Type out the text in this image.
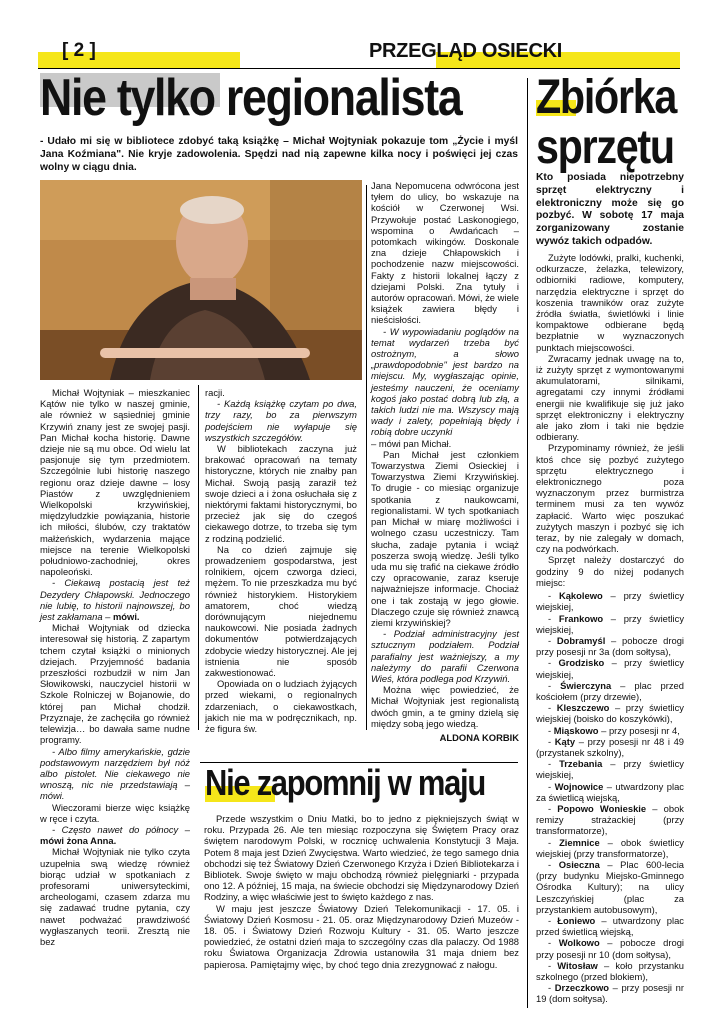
[ 2 ]	PRZEGLĄD OSIECKI
Nie tylko regionalista
- Udało mi się w bibliotece zdobyć taką książkę – Michał Wojtyniak pokazuje tom „Życie i myśl Jana Koźmiana". Nie kryje zadowolenia. Spędzi nad nią zapewne kilka nocy i poświęci jej czas wolny w ciągu dnia.

Michał Wojtyniak – mieszkaniec Kątów nie tylko w naszej gminie, ale również w sąsiedniej gminie Krzywiń znany jest ze swojej pasji. Pan Michał kocha historię. Dawne dzieje nie są mu obce. Od wielu lat pasjonuje się tym przedmiotem. Szczególnie lubi historię naszego regionu oraz dzieje dawne – losy Piastów z uwzględnieniem Wielkopolski krzywińskiej, międzyludzkie powiązania, historie ich miłości, ślubów, czy traktatów małżeńskich, wydarzenia mające miejsce na terenie Wielkopolski południowo-zachodniej, okres napoleoński.

- Ciekawą postacią jest też Dezydery Chłapowski. Jednoczego nie lubię, to historii najnowszej, bo jest zakłamana – mówi.

Michał Wojtyniak od dziecka interesował się historią. Z zapartym tchem czytał książki o minionych dziejach. Przyjemność badania przeszłości rozbudził w nim Jan Słowikowski, nauczyciel historii w Szkole Rolniczej w Bojanowie, do której pan Michał chodził. Przyznaje, że zachęciła go również telewizja… bo dawała same nudne programy.

- Albo filmy amerykańskie, gdzie podstawowym narzędziem był nóż albo pistolet. Nie ciekawego nie wnoszą, nic nie przedstawiają – mówi.

Wieczorami bierze więc książkę w ręce i czyta.

- Często nawet do północy – mówi żona Anna.

Michał Wojtyniak nie tylko czyta uzupełnia swą wiedzę również biorąc udział w spotkaniach z profesorami uniwersyteckimi, archeologami, czasem zdarza mu się zadawać trudne pytania, czy nawet podważać prawdziwość wygłaszanych teorii. Zresztą nie bez

racji.

- Każdą książkę czytam po dwa, trzy razy, bo za pierwszym podejściem nie wyłapuje się wszystkich szczegółów.

W bibliotekach zaczyna już brakować opracowań na tematy historyczne, których nie znałby pan Michał. Swoją pasją zaraził też swoje dzieci a i żona osłuchała się z niektórymi faktami historycznymi, bo przecież jak się do czegoś ciekawego dotrze, to trzeba się tym z rodziną podzielić.

Na co dzień zajmuje się prowadzeniem gospodarstwa, jest rolnikiem, ojcem czworga dzieci, mężem. To nie przeszkadza mu być również historykiem. Historykiem amatorem, choć wiedzą dorównującym niejednemu naukowcowi. Nie posiada żadnych dokumentów potwierdzających zdobycie wiedzy historycznej. Ale jej istnienia nie sposób zakwestionować.

Opowiada on o ludziach żyjących przed wiekami, o regionalnych zdarzeniach, o ciekawostkach, jakich nie ma w podręcznikach, np. że figura św.

Jana Nepomucena odwrócona jest tyłem do ulicy, bo wskazuje na kościół w Czerwonej Wsi. Przywołuje postać Laskonogiego, wspomina o Awdańcach – potomkach wikingów. Doskonale zna dzieje Chłapowskich i pochodzenie nazw miejscowości. Fakty z historii lokalnej łączy z dziejami Polski. Zna tytuły i autorów opracowań. Mówi, że wiele książek zawiera błędy i nieścisłości.

- W wypowiadaniu poglądów na temat wydarzeń trzeba być ostrożnym, a słowo „prawdopodobnie" jest bardzo na miejscu. My, wygłaszając opinie, jesteśmy nauczeni, że oceniamy kogoś jako postać dobrą lub złą, a takich ludzi nie ma. Wszyscy mają wady i zalety, popełniają błędy i robią dobre uczynki

– mówi pan Michał.

Pan Michał jest członkiem Towarzystwa Ziemi Osieckiej i Towarzystwa Ziemi Krzywińskiej. To drugie - co miesiąc organizuje spotkania z naukowcami, regionalistami. W tych spotkaniach pan Michał w miarę możliwości i wolnego czasu uczestniczy. Tam słucha, zadaje pytania i wciąż poszerza swoją wiedzę. Jeśli tylko uda mu się trafić na ciekawe źródło czy opracowanie, zaraz kseruje najważniejsze informacje. Chociaż one i tak zostają w jego głowie. Dlaczego czuje się również znawcą ziemi krzywińskiej?

- Podział administracyjny jest sztucznym podziałem. Podział parafialny jest ważniejszy, a my należymy do parafii Czerwona Wieś, która podlega pod Krzywiń.

Można więc powiedzieć, że Michał Wojtyniak jest regionalistą dwóch gmin, a te gminy dzielą się między sobą jego wiedzą.

ALDONA KORBIK
Nie zapomnij w maju

Przede wszystkim o Dniu Matki, bo to jedno z piękniejszych świąt w roku. Przypada 26. Ale ten miesiąc rozpoczyna się Świętem Pracy oraz świętem narodowym Polski, w rocznicę uchwalenia Konstytucji 3 Maja. Potem 8 maja jest Dzień Zwycięstwa. Warto wiedzieć, że tego samego dnia obchodzi się też Światowy Dzień Czerwonego Krzyża i Dzień Bibliotekarza i Bibliotek. Swoje święto w maju obchodzą również pielęgniarki - przypada ono 12. A później, 15 maja, na świecie obchodzi się Międzynarodowy Dzień Rodziny, a więc właściwie jest to święto każdego z nas.

W maju jest jeszcze Światowy Dzień Telekomunikacji - 17. 05. i Światowy Dzień Kosmosu - 21. 05. oraz Międzynarodowy Dzień Muzeów - 18. 05. i Światowy Dzień Rozwoju Kultury - 31. 05. Warto jeszcze powiedzieć, że ostatni dzień maja to szczególny czas dla palaczy. Od 1988 roku Światowa Organizacja Zdrowia ustanowiła 31 maja dniem bez papierosa. Pamiętajmy więc, by choć tego dnia zrezygnować z nałogu.

Zbiórka
sprzętu
Kto posiada niepotrzebny sprzęt elektryczny i elektroniczny może się go pozbyć. W sobotę 17 maja zorganizowany zostanie wywóz takich odpadów.

Zużyte lodówki, pralki, kuchenki, odkurzacze, żelazka, telewizory, odbiorniki radiowe, komputery, narzędzia elektryczne i sprzęt do koszenia trawników oraz zużyte źródła światła, świetlówki i linie kompaktowe odbierane będą bezpłatnie w wyznaczonych punktach miejscowości.

Zwracamy jednak uwagę na to, iż zużyty sprzęt z wymontowanymi akumulatorami, silnikami, agregatami czy innymi źródłami energii nie kwalifikuje się już jako sprzęt elektroniczny i elektryczny ale jako złom i taki nie będzie odbierany.

Przypominamy również, że jeśli ktoś chce się pozbyć zużytego sprzętu elektrycznego i elektronicznego poza wyznaczonym przez burmistrza terminem musi za ten wywóz zapłacić. Warto więc poszukać zużytych maszyn i pozbyć się ich teraz, by nie zalegały w domach, czy na podwórkach.

Sprzęt należy dostarczyć do godziny 9 do niżej podanych miejsc:

- Kąkolewo – przy świetlicy wiejskiej,

- Frankowo – przy świetlicy wiejskiej,

- Dobramyśl – pobocze drogi przy posesji nr 3a (dom sołtysa),

- Grodzisko – przy świetlicy wiejskiej,

- Świerczyna – plac przed kościołem (przy drzewie),

- Kleszczewo – przy świetlicy wiejskiej (boisko do koszykówki),

- Miąskowo – przy posesji nr 4,

- Kąty – przy posesji nr 48 i 49 (przystanek szkolny),

- Trzebania – przy świetlicy wiejskiej,

- Wojnowice – utwardzony plac za świetlicą wiejską,

- Popowo Wonieskie – obok remizy strażackiej (przy transformatorze),

- Ziemnice – obok świetlicy wiejskiej (przy transformatorze),

- Osieczna – Plac 600-lecia (przy budynku Miejsko-Gminnego Ośrodka Kultury); na ulicy Leszczyńskiej (plac za przystankiem autobusowym),

- Łoniewo – utwardzony plac przed świetlicą wiejską,

- Wolkowo – pobocze drogi przy posesji nr 10 (dom sołtysa),

- Witosław – koło przystanku szkolnego (przed blokiem),

- Drzeczkowo – przy posesji nr 19 (dom sołtysa).
